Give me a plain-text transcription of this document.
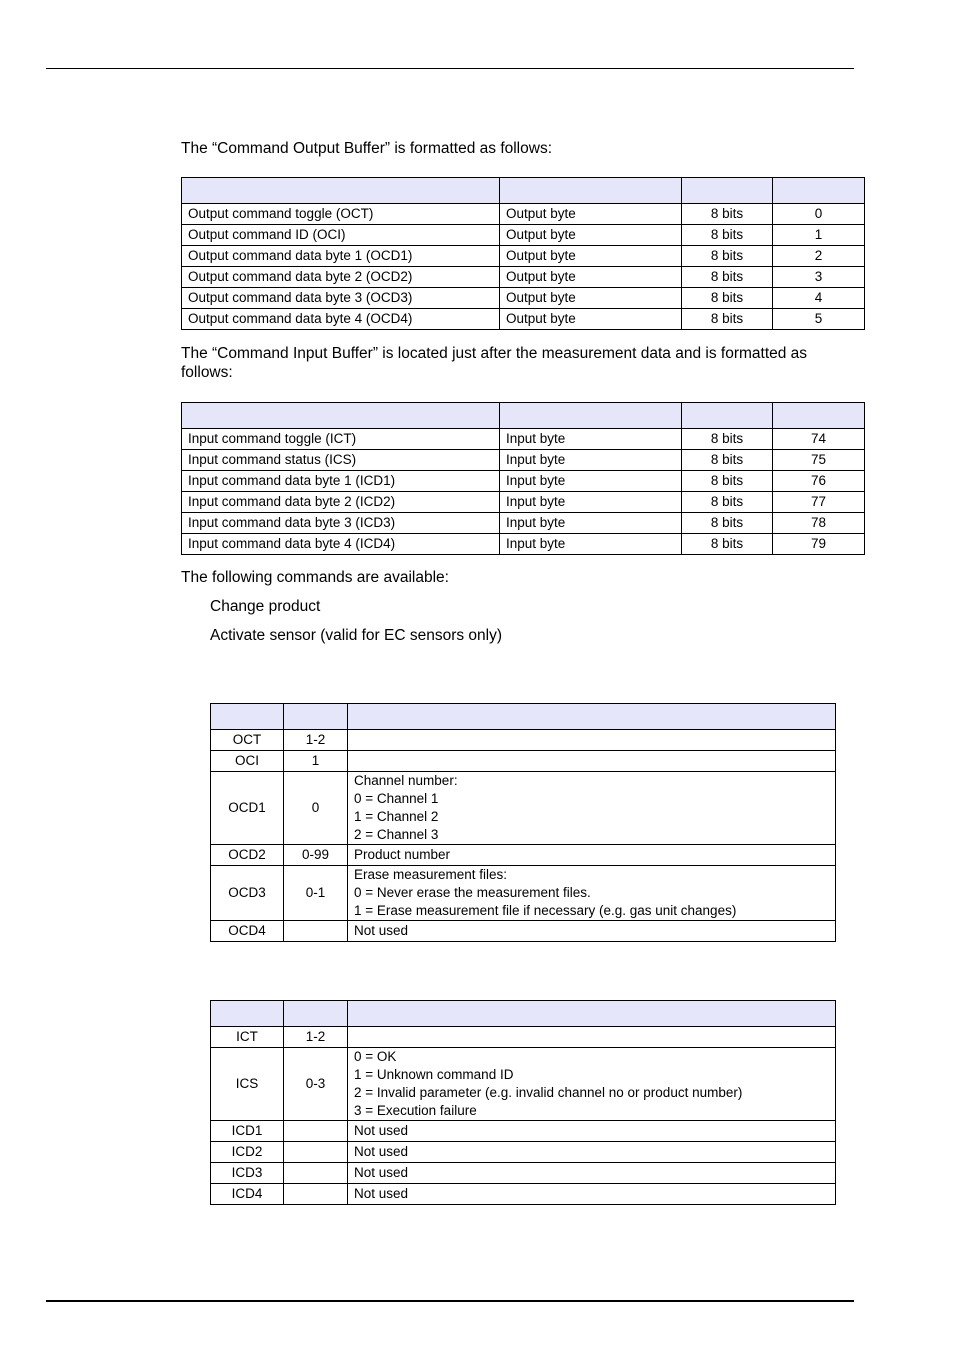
The “Command Output Buffer” is formatted as follows:

Output command toggle (OCT)	Output byte	8 bits	0
Output command ID (OCI)	Output byte	8 bits	1
Output command data byte 1 (OCD1)	Output byte	8 bits	2
Output command data byte 2 (OCD2)	Output byte	8 bits	3
Output command data byte 3 (OCD3)	Output byte	8 bits	4
Output command data byte 4 (OCD4)	Output byte	8 bits	5

The “Command Input Buffer” is located just after the measurement data and is formatted as follows:

Input command toggle (ICT)	Input byte	8 bits	74
Input command status (ICS)	Input byte	8 bits	75
Input command data byte 1 (ICD1)	Input byte	8 bits	76
Input command data byte 2 (ICD2)	Input byte	8 bits	77
Input command data byte 3 (ICD3)	Input byte	8 bits	78
Input command data byte 4 (ICD4)	Input byte	8 bits	79

The following commands are available:

Change product
Activate sensor (valid for EC sensors only)

OCT	1-2	
OCI	1	
OCD1	0	Channel number:
0 = Channel 1
1 = Channel 2
2 = Channel 3
OCD2	0-99	Product number
OCD3	0-1	Erase measurement files:
0 = Never erase the measurement files.
1 = Erase measurement file if necessary (e.g. gas unit changes)
OCD4		Not used

ICT	1-2	
ICS	0-3	0 = OK
1 = Unknown command ID
2 = Invalid parameter (e.g. invalid channel no or product number)
3 = Execution failure
ICD1		Not used
ICD2		Not used
ICD3		Not used
ICD4		Not used
